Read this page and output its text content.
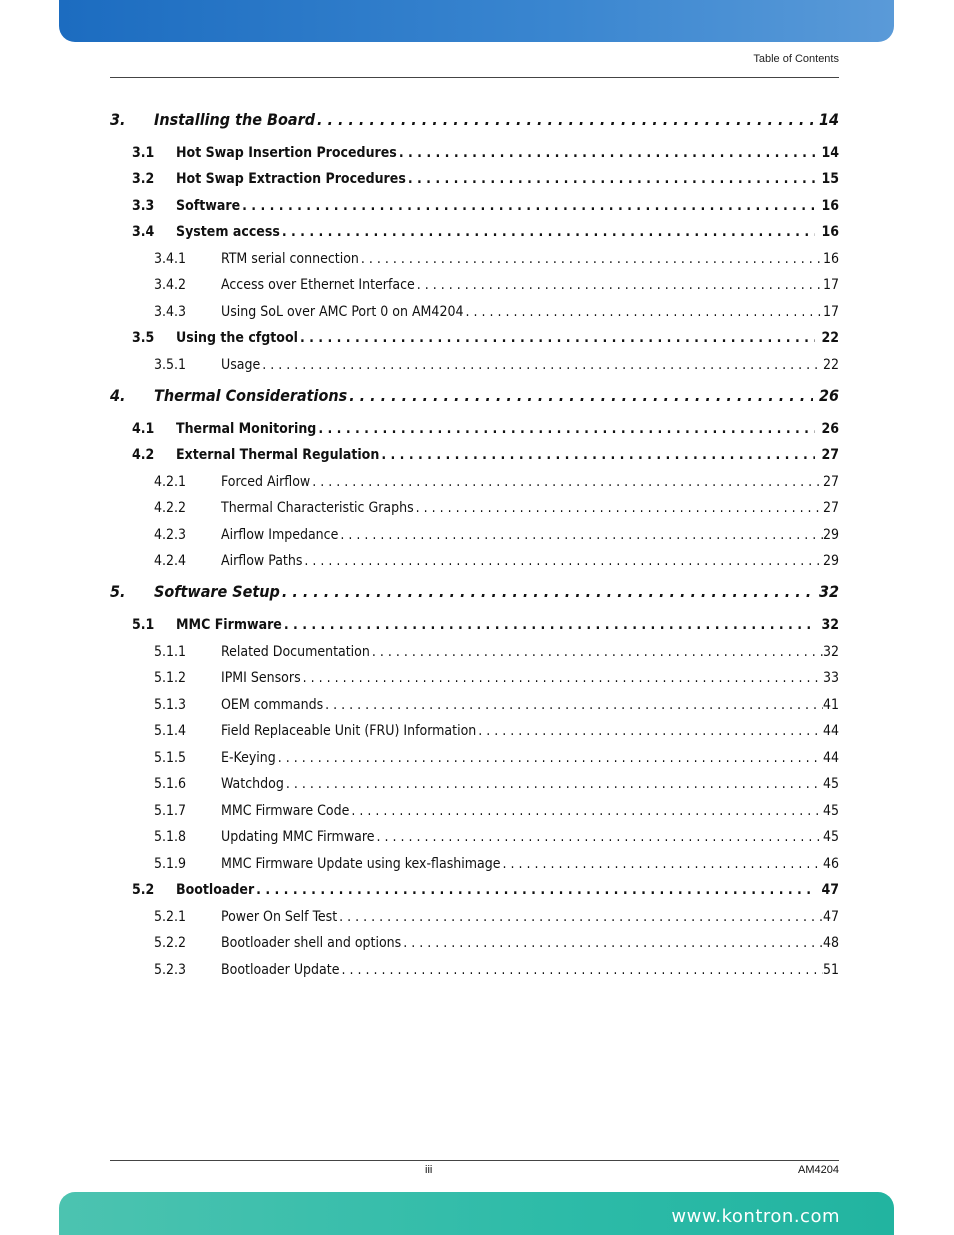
Table of Contents
3.	Installing the Board . . .	14
3.1	Hot Swap Insertion Procedures . . .	14
3.2	Hot Swap Extraction Procedures . . .	15
3.3	Software . . .	16
3.4	System access . . .	16
3.4.1	RTM serial connection . . .	16
3.4.2	Access over Ethernet Interface . . .	17
3.4.3	Using SoL over AMC Port 0 on AM4204 . . .	17
3.5	Using the cfgtool . . .	22
3.5.1	Usage . . .	22
4.	Thermal Considerations . . .	26
4.1	Thermal Monitoring . . .	26
4.2	External Thermal Regulation . . .	27
4.2.1	Forced Airflow . . .	27
4.2.2	Thermal Characteristic Graphs . . .	27
4.2.3	Airflow Impedance . . .	29
4.2.4	Airflow Paths . . .	29
5.	Software Setup . . .	32
5.1	MMC Firmware . . .	32
5.1.1	Related Documentation . . .	32
5.1.2	IPMI Sensors . . .	33
5.1.3	OEM commands . . .	41
5.1.4	Field Replaceable Unit (FRU) Information . . .	44
5.1.5	E-Keying . . .	44
5.1.6	Watchdog . . .	45
5.1.7	MMC Firmware Code . . .	45
5.1.8	Updating MMC Firmware . . .	45
5.1.9	MMC Firmware Update using kex-flashimage . . .	46
5.2	Bootloader . . .	47
5.2.1	Power On Self Test . . .	47
5.2.2	Bootloader shell and options . . .	48
5.2.3	Bootloader Update . . .	51
iii	AM4204
www.kontron.com
